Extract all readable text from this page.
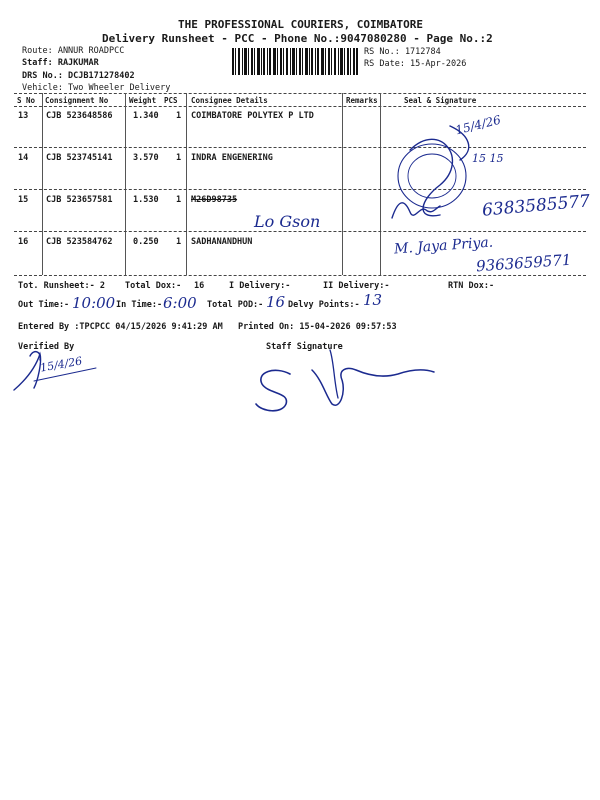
THE PROFESSIONAL COURIERS, COIMBATORE
Delivery Runsheet - PCC - Phone No.:9047080280 - Page No.:2
Route: ANNUR ROADPCC
Staff: RAJKUMAR
DRS No.: DCJB171278402
Vehicle: Two Wheeler Delivery
RS No.: 1712784
RS Date: 15-Apr-2026
S No Consignment No	Weight PCS Consignee Details	Remarks	Seal & Signature
13 CJB 523648586 1.340 1 COIMBATORE POLYTEX P LTD
14 CJB 523745141 3.570 1 INDRA ENGENERING
15 CJB 523657581 1.530 1 M26D98735
16 CJB 523584762 0.250 1 SADHANANDHUN
Tot. Runsheet:- 2 Total Dox:- 16	I Delivery:-	II Delivery:-	RTN Dox:-
Out Time:- 10:00 In Time:- 6:00 Total POD:- 16 Delvy Points:- 13
Entered By :TPCPCC 04/15/2026 9:41:29 AM Printed On: 15-04-2026 09:57:53
Verified By	Staff Signature
15/4/26
15 15
6383585577
Lo Gson
M. Jaya Priya.
9363659571
15/4/26
